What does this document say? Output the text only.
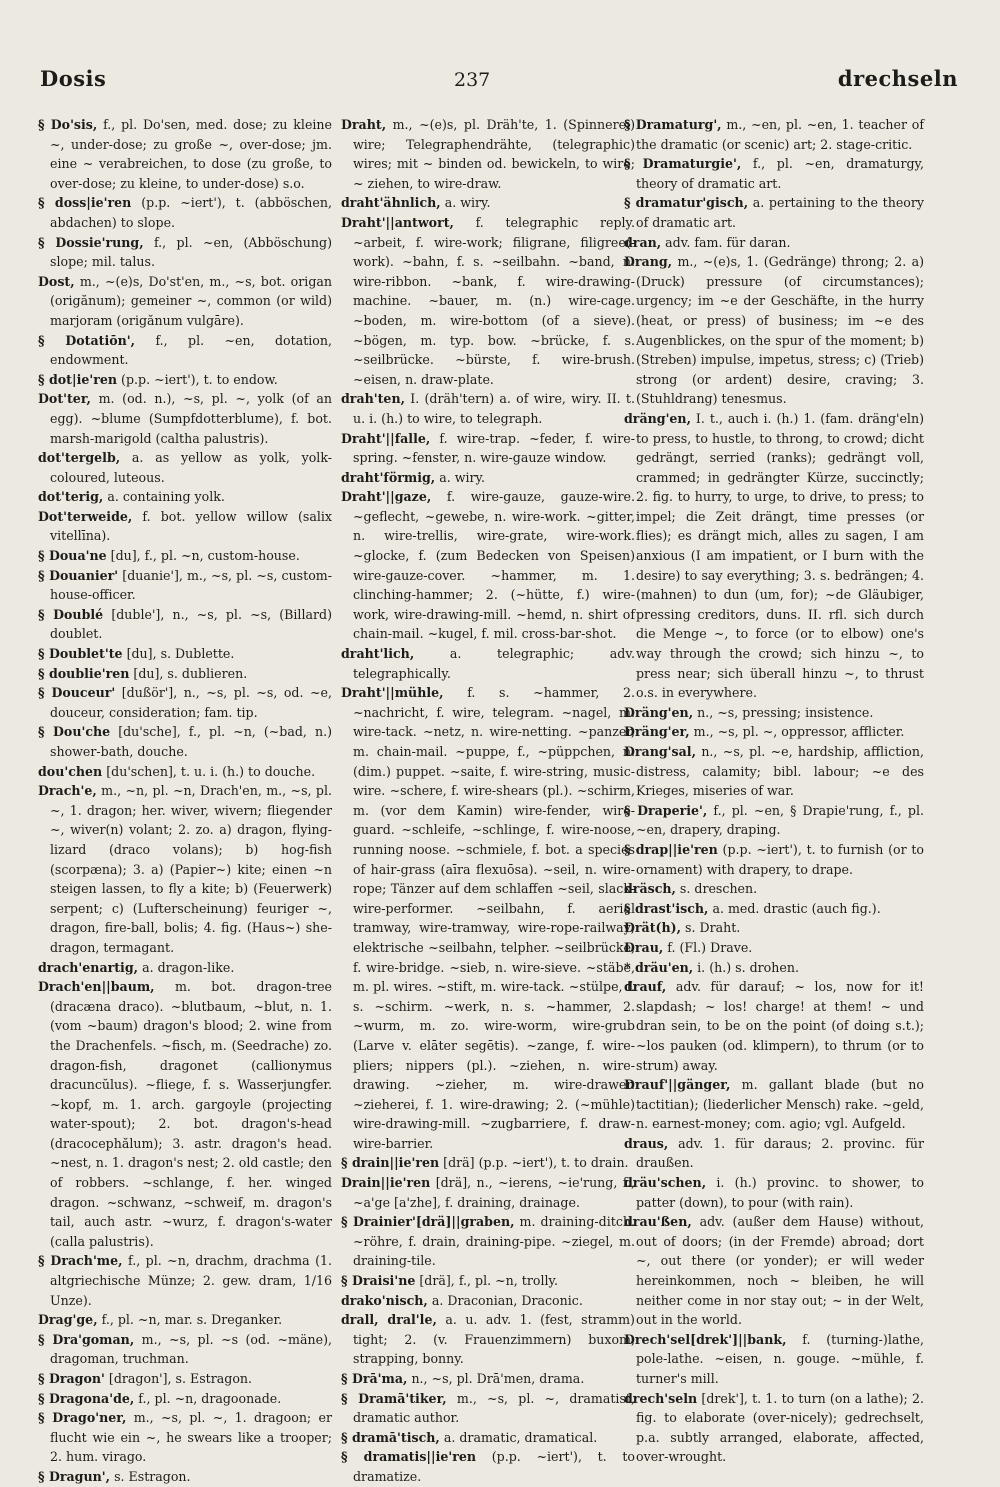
Dosis	237	drechseln

§ Do'sis, f., pl. Do'sen, med. dose; zu kleine ~, under-dose; zu große ~, over-dose; jm. eine ~ verabreichen, to dose (zu große, to over-dose; zu kleine, to under-dose) s.o.

§ doss|ie'ren (p.p. ~iert'), t. (abböschen, abdachen) to slope.

§ Dossie'rung, f., pl. ~en, (Abböschung) slope; mil. talus.

Dost, m., ~(e)s, Do'st'en, m., ~s, bot. origan (origănum); gemeiner ~, common (or wild) marjoram (origănum vulgāre).

§ Dotatiōn', f., pl. ~en, dotation, endowment.

§ dot|ie'ren (p.p. ~iert'), t. to endow.

Dot'ter, m. (od. n.), ~s, pl. ~, yolk (of an egg). ~blume (Sumpfdotterblume), f. bot. marsh-marigold (caltha palustris).

dot'tergelb, a. as yellow as yolk, yolk-coloured, luteous.

dot'terig, a. containing yolk.

Dot'terweide, f. bot. yellow willow (salix vitellīna).

§ Doua'ne [du], f., pl. ~n, custom-house.

§ Douanier' [duanie'], m., ~s, pl. ~s, custom-house-officer.

§ Doublé [duble'], n., ~s, pl. ~s, (Billard) doublet.

§ Doublet'te [du], s. Dublette.

§ doublie'ren [du], s. dublieren.

§ Douceur' [dußör'], n., ~s, pl. ~s, od. ~e, douceur, consideration; fam. tip.

§ Dou'che [du'sche], f., pl. ~n, (~bad, n.) shower-bath, douche.

dou'chen [du'schen], t. u. i. (h.) to douche.

Drach'e, m., ~n, pl. ~n, Drach'en, m., ~s, pl. ~, 1. dragon; her. wiver, wivern; fliegender ~, wiver(n) volant; 2. zo. a) dragon, flying-lizard (draco volans); b) hog-fish (scorpæna); 3. a) (Papier~) kite; einen ~n steigen lassen, to fly a kite; b) (Feuerwerk) serpent; c) (Lufterscheinung) feuriger ~, dragon, fire-ball, bolis; 4. fig. (Haus~) she-dragon, termagant.

drach'enartig, a. dragon-like.

Drach'en||baum, m. bot. dragon-tree (dracæna draco). ~blutbaum, ~blut, n. 1. (vom ~baum) dragon's blood; 2. wine from the Drachenfels. ~fisch, m. (Seedrache) zo. dragon-fish, dragonet (callionymus dracuncŭlus). ~fliege, f. s. Wasserjungfer. ~kopf, m. 1. arch. gargoyle (projecting water-spout); 2. bot. dragon's-head (dracocephălum); 3. astr. dragon's head. ~nest, n. 1. dragon's nest; 2. old castle; den of robbers. ~schlange, f. her. winged dragon. ~schwanz, ~schweif, m. dragon's tail, auch astr. ~wurz, f. dragon's-water (calla palustris).

§ Drach'me, f., pl. ~n, drachm, drachma (1. altgriechische Münze; 2. gew. dram, 1/16 Unze).

Drag'ge, f., pl. ~n, mar. s. Dreganker.

§ Dra'goman, m., ~s, pl. ~s (od. ~mäne), dragoman, truchman.

§ Dragon' [dragon'], s. Estragon.

§ Dragona'de, f., pl. ~n, dragoonade.

§ Drago'ner, m., ~s, pl. ~, 1. dragoon; er flucht wie ein ~, he swears like a trooper; 2. hum. virago.

§ Dragun', s. Estragon.

Draht, m., ~(e)s, pl. Dräh'te, 1. (Spinnerei) wire; Telegraphendrähte, (telegraphic) wires; mit ~ binden od. bewickeln, to wire; ~ ziehen, to wire-draw.

draht'ähnlich, a. wiry.

Draht'||antwort, f. telegraphic reply. ~arbeit, f. wire-work; filigrane, filigree(-work). ~bahn, f. s. ~seilbahn. ~band, n. wire-ribbon. ~bank, f. wire-drawing-machine. ~bauer, m. (n.) wire-cage. ~boden, m. wire-bottom (of a sieve). ~bögen, m. typ. bow. ~brücke, f. s. ~seilbrücke. ~bürste, f. wire-brush. ~eisen, n. draw-plate.

drah'ten, I. (dräh'tern) a. of wire, wiry. II. t. u. i. (h.) to wire, to telegraph.

Draht'||falle, f. wire-trap. ~feder, f. wire-spring. ~fenster, n. wire-gauze window.

draht'förmig, a. wiry.

Draht'||gaze, f. wire-gauze, gauze-wire. ~geflecht, ~gewebe, n. wire-work. ~gitter, n. wire-trellis, wire-grate, wire-work. ~glocke, f. (zum Bedecken von Speisen) wire-gauze-cover. ~hammer, m. 1. clinching-hammer; 2. (~hütte, f.) wire-work, wire-drawing-mill. ~hemd, n. shirt of chain-mail. ~kugel, f. mil. cross-bar-shot.

draht'lich,	a. telegraphic; adv. telegraphically.

Draht'||mühle, f. s. ~hammer, 2. ~nachricht, f. wire, telegram. ~nagel, m. wire-tack. ~netz, n. wire-netting. ~panzer, m. chain-mail. ~puppe, f., ~püppchen, n. (dim.) puppet. ~saite, f. wire-string, music-wire. ~schere, f. wire-shears (pl.). ~schirm, m. (vor dem Kamin) wire-fender, wire-guard. ~schleife, ~schlinge, f. wire-noose, running noose. ~schmiele, f. bot. a species of hair-grass (aīra flexuōsa). ~seil, n. wire-rope; Tänzer auf dem schlaffen ~seil, slack-wire-performer. ~seilbahn, f. aerial tramway, wire-tramway, wire-rope-railway; elektrische ~seilbahn, telpher. ~seilbrücke, f. wire-bridge. ~sieb, n. wire-sieve. ~stäbe, m. pl. wires. ~stift, m. wire-tack. ~stülpe, f. s. ~schirm. ~werk, n. s. ~hammer, 2. ~wurm, m. zo. wire-worm, wire-grub (Larve v. elāter segētis). ~zange, f. wire-pliers; nippers (pl.). ~ziehen, n. wire-drawing. ~zieher, m. wire-drawer. ~zieherei, f. 1. wire-drawing; 2. (~mühle) wire-drawing-mill. ~zugbarriere, f. draw-wire-barrier.

§ drain||ie'ren [drä] (p.p. ~iert'), t. to drain.

Drain||ie'ren [drä], n., ~ierens, ~ie'rung, f., ~a'ge [a'zhe], f. draining, drainage.

§ Drainier'[drä]||graben, m. draining-ditch. ~röhre, f. drain, draining-pipe. ~ziegel, m. draining-tile.

§ Draisi'ne [drä], f., pl. ~n, trolly.

drako'nisch, a. Draconian, Draconic.

drall, dral'le, a. u. adv. 1. (fest, stramm) tight; 2. (v. Frauenzimmern) buxom, strapping, bonny.

§ Drā'ma, n., ~s, pl. Drā'men, drama.

§ Dramā'tiker, m., ~s, pl. ~, dramatist, dramatic author.

§ dramā'tisch, a. dramatic, dramatical.

§ dramatis||ie'ren (p.p. ~iert'), t. to dramatize.

§ Dramaturg', m., ~en, pl. ~en, 1. teacher of the dramatic (or scenic) art; 2. stage-critic.

§ Dramaturgie', f., pl. ~en, dramaturgy, theory of dramatic art.

§ dramatur'gisch, a. pertaining to the theory of dramatic art.

dran, adv. fam. für daran.

Drang, m., ~(e)s, 1. (Gedränge) throng; 2. a) (Druck) pressure (of circumstances); urgency; im ~e der Geschäfte, in the hurry (heat, or press) of business; im ~e des Augenblickes, on the spur of the moment; b) (Streben) impulse, impetus, stress; c) (Trieb) strong (or ardent) desire, craving; 3. (Stuhldrang) tenesmus.

dräng'en, I. t., auch i. (h.) 1. (fam. dräng'eln) to press, to hustle, to throng, to crowd; dicht gedrängt, serried (ranks); gedrängt voll, crammed; in gedrängter Kürze, succinctly; 2. fig. to hurry, to urge, to drive, to press; to impel; die Zeit drängt, time presses (or flies); es drängt mich, alles zu sagen, I am anxious (I am impatient, or I burn with the desire) to say everything; 3. s. bedrängen; 4. (mahnen) to dun (um, for); ~de Gläubiger, pressing creditors, duns. II. rfl. sich durch die Menge ~, to force (or to elbow) one's way through the crowd; sich hinzu ~, to press near; sich überall hinzu ~, to thrust o.s. in everywhere.

Dräng'en, n., ~s, pressing; insistence.

Dräng'er, m., ~s, pl. ~, oppressor, afflicter.

Drang'sal, n., ~s, pl. ~e, hardship, affliction, distress, calamity; bibl. labour; ~e des Krieges, miseries of war.

§ Draperie', f., pl. ~en, § Drapie'rung, f., pl. ~en, drapery, draping.

§ drap||ie'ren (p.p. ~iert'), t. to furnish (or to ornament) with drapery, to drape.

dräsch, s. dreschen.

§ drast'isch, a. med. drastic (auch fig.).

Drät(h), s. Draht.

Drau, f. (Fl.) Drave.

* dräu'en, i. (h.) s. drohen.

drauf, adv. für darauf; ~ los, now for it! slapdash; ~ los! charge! at them! ~ und dran sein, to be on the point (of doing s.t.); ~los pauken (od. klimpern), to thrum (or to strum) away.

Drauf'||gänger, m. gallant blade (but no tactitian); (liederlicher Mensch) rake. ~geld, n. earnest-money; com. agio; vgl. Aufgeld.

draus, adv. 1. für daraus; 2. provinc. für draußen.

dräu'schen, i. (h.) provinc. to shower, to patter (down), to pour (with rain).

drau'ßen, adv. (außer dem Hause) without, out of doors; (in der Fremde) abroad; dort ~, out there (or yonder); er will weder hereinkommen, noch ~ bleiben, he will neither come in nor stay out; ~ in der Welt, out in the world.

Drech'sel[drek']||bank, f. (turning-)lathe, pole-lathe. ~eisen, n. gouge. ~mühle, f. turner's mill.

drech'seln [drek'], t. 1. to turn (on a lathe); 2. fig. to elaborate (over-nicely); gedrechselt, p.a. subtly arranged, elaborate, affected, over-wrought.
